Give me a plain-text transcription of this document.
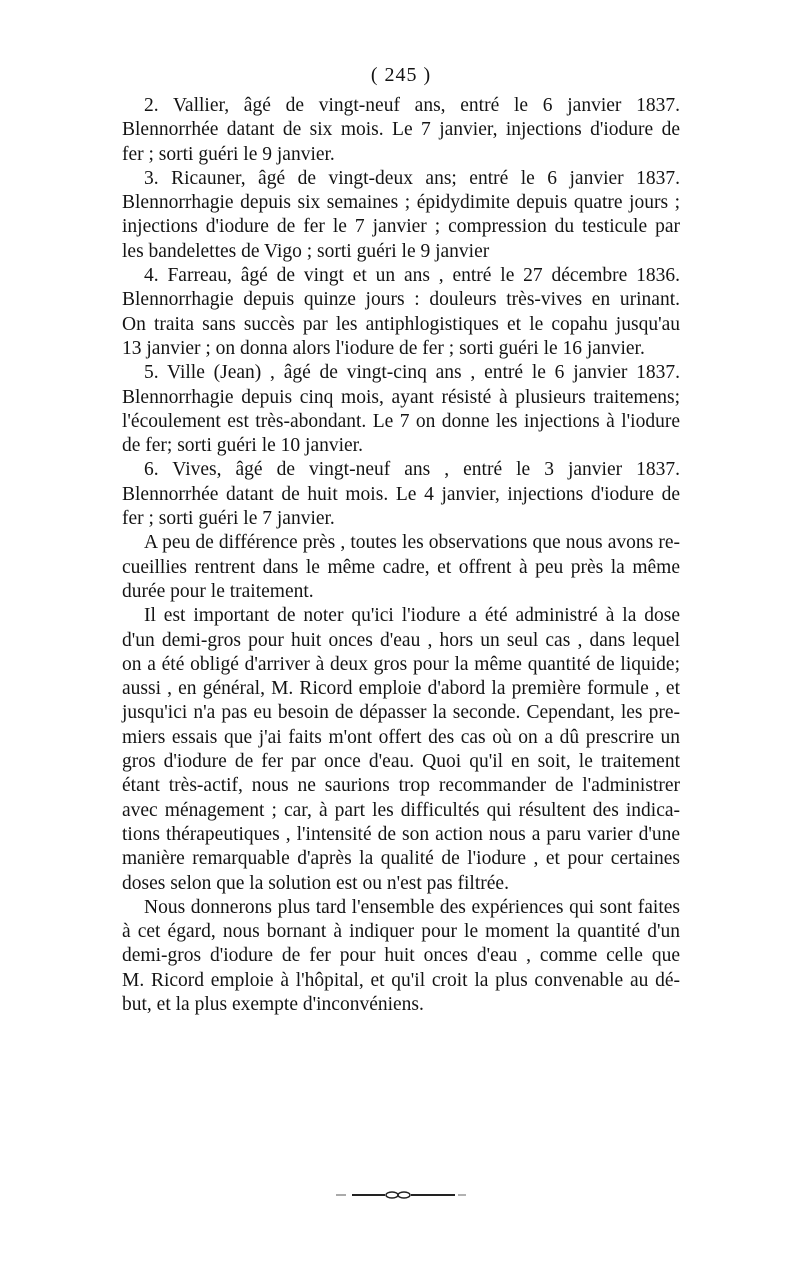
( 245 )
2. Vallier, âgé de vingt-neuf ans, entré le 6 janvier 1837.
Blennorrhée datant de six mois. Le 7 janvier, injections d'iodure de
fer ; sorti guéri le 9 janvier.
3. Ricauner, âgé de vingt-deux ans; entré le 6 janvier 1837.
Blennorrhagie depuis six semaines ; épidydimite depuis quatre jours ;
injections d'iodure de fer le 7 janvier ; compression du testicule par
les bandelettes de Vigo ; sorti guéri le 9 janvier
4. Farreau, âgé de vingt et un ans , entré le 27 décembre 1836.
Blennorrhagie depuis quinze jours : douleurs très-vives en urinant.
On traita sans succès par les antiphlogistiques et le copahu jusqu'au
13 janvier ; on donna alors l'iodure de fer ; sorti guéri le 16 janvier.
5. Ville (Jean) , âgé de vingt-cinq ans , entré le 6 janvier 1837.
Blennorrhagie depuis cinq mois, ayant résisté à plusieurs traitemens;
l'écoulement est très-abondant. Le 7 on donne les injections à l'iodure
de fer; sorti guéri le 10 janvier.
6. Vives, âgé de vingt-neuf ans , entré le 3 janvier 1837.
Blennorrhée datant de huit mois. Le 4 janvier, injections d'iodure de
fer ; sorti guéri le 7 janvier.
A peu de différence près , toutes les observations que nous avons re-
cueillies rentrent dans le même cadre, et offrent à peu près la même
durée pour le traitement.
Il est important de noter qu'ici l'iodure a été administré à la dose
d'un demi-gros pour huit onces d'eau , hors un seul cas , dans lequel
on a été obligé d'arriver à deux gros pour la même quantité de liquide;
aussi , en général, M. Ricord emploie d'abord la première formule , et
jusqu'ici n'a pas eu besoin de dépasser la seconde. Cependant, les pre-
miers essais que j'ai faits m'ont offert des cas où on a dû prescrire un
gros d'iodure de fer par once d'eau. Quoi qu'il en soit, le traitement
étant très-actif, nous ne saurions trop recommander de l'administrer
avec ménagement ; car, à part les difficultés qui résultent des indica-
tions thérapeutiques , l'intensité de son action nous a paru varier d'une
manière remarquable d'après la qualité de l'iodure , et pour certaines
doses selon que la solution est ou n'est pas filtrée.
Nous donnerons plus tard l'ensemble des expériences qui sont faites
à cet égard, nous bornant à indiquer pour le moment la quantité d'un
demi-gros d'iodure de fer pour huit onces d'eau , comme celle que
M. Ricord emploie à l'hôpital, et qu'il croit la plus convenable au dé-
but, et la plus exempte d'inconvéniens.
